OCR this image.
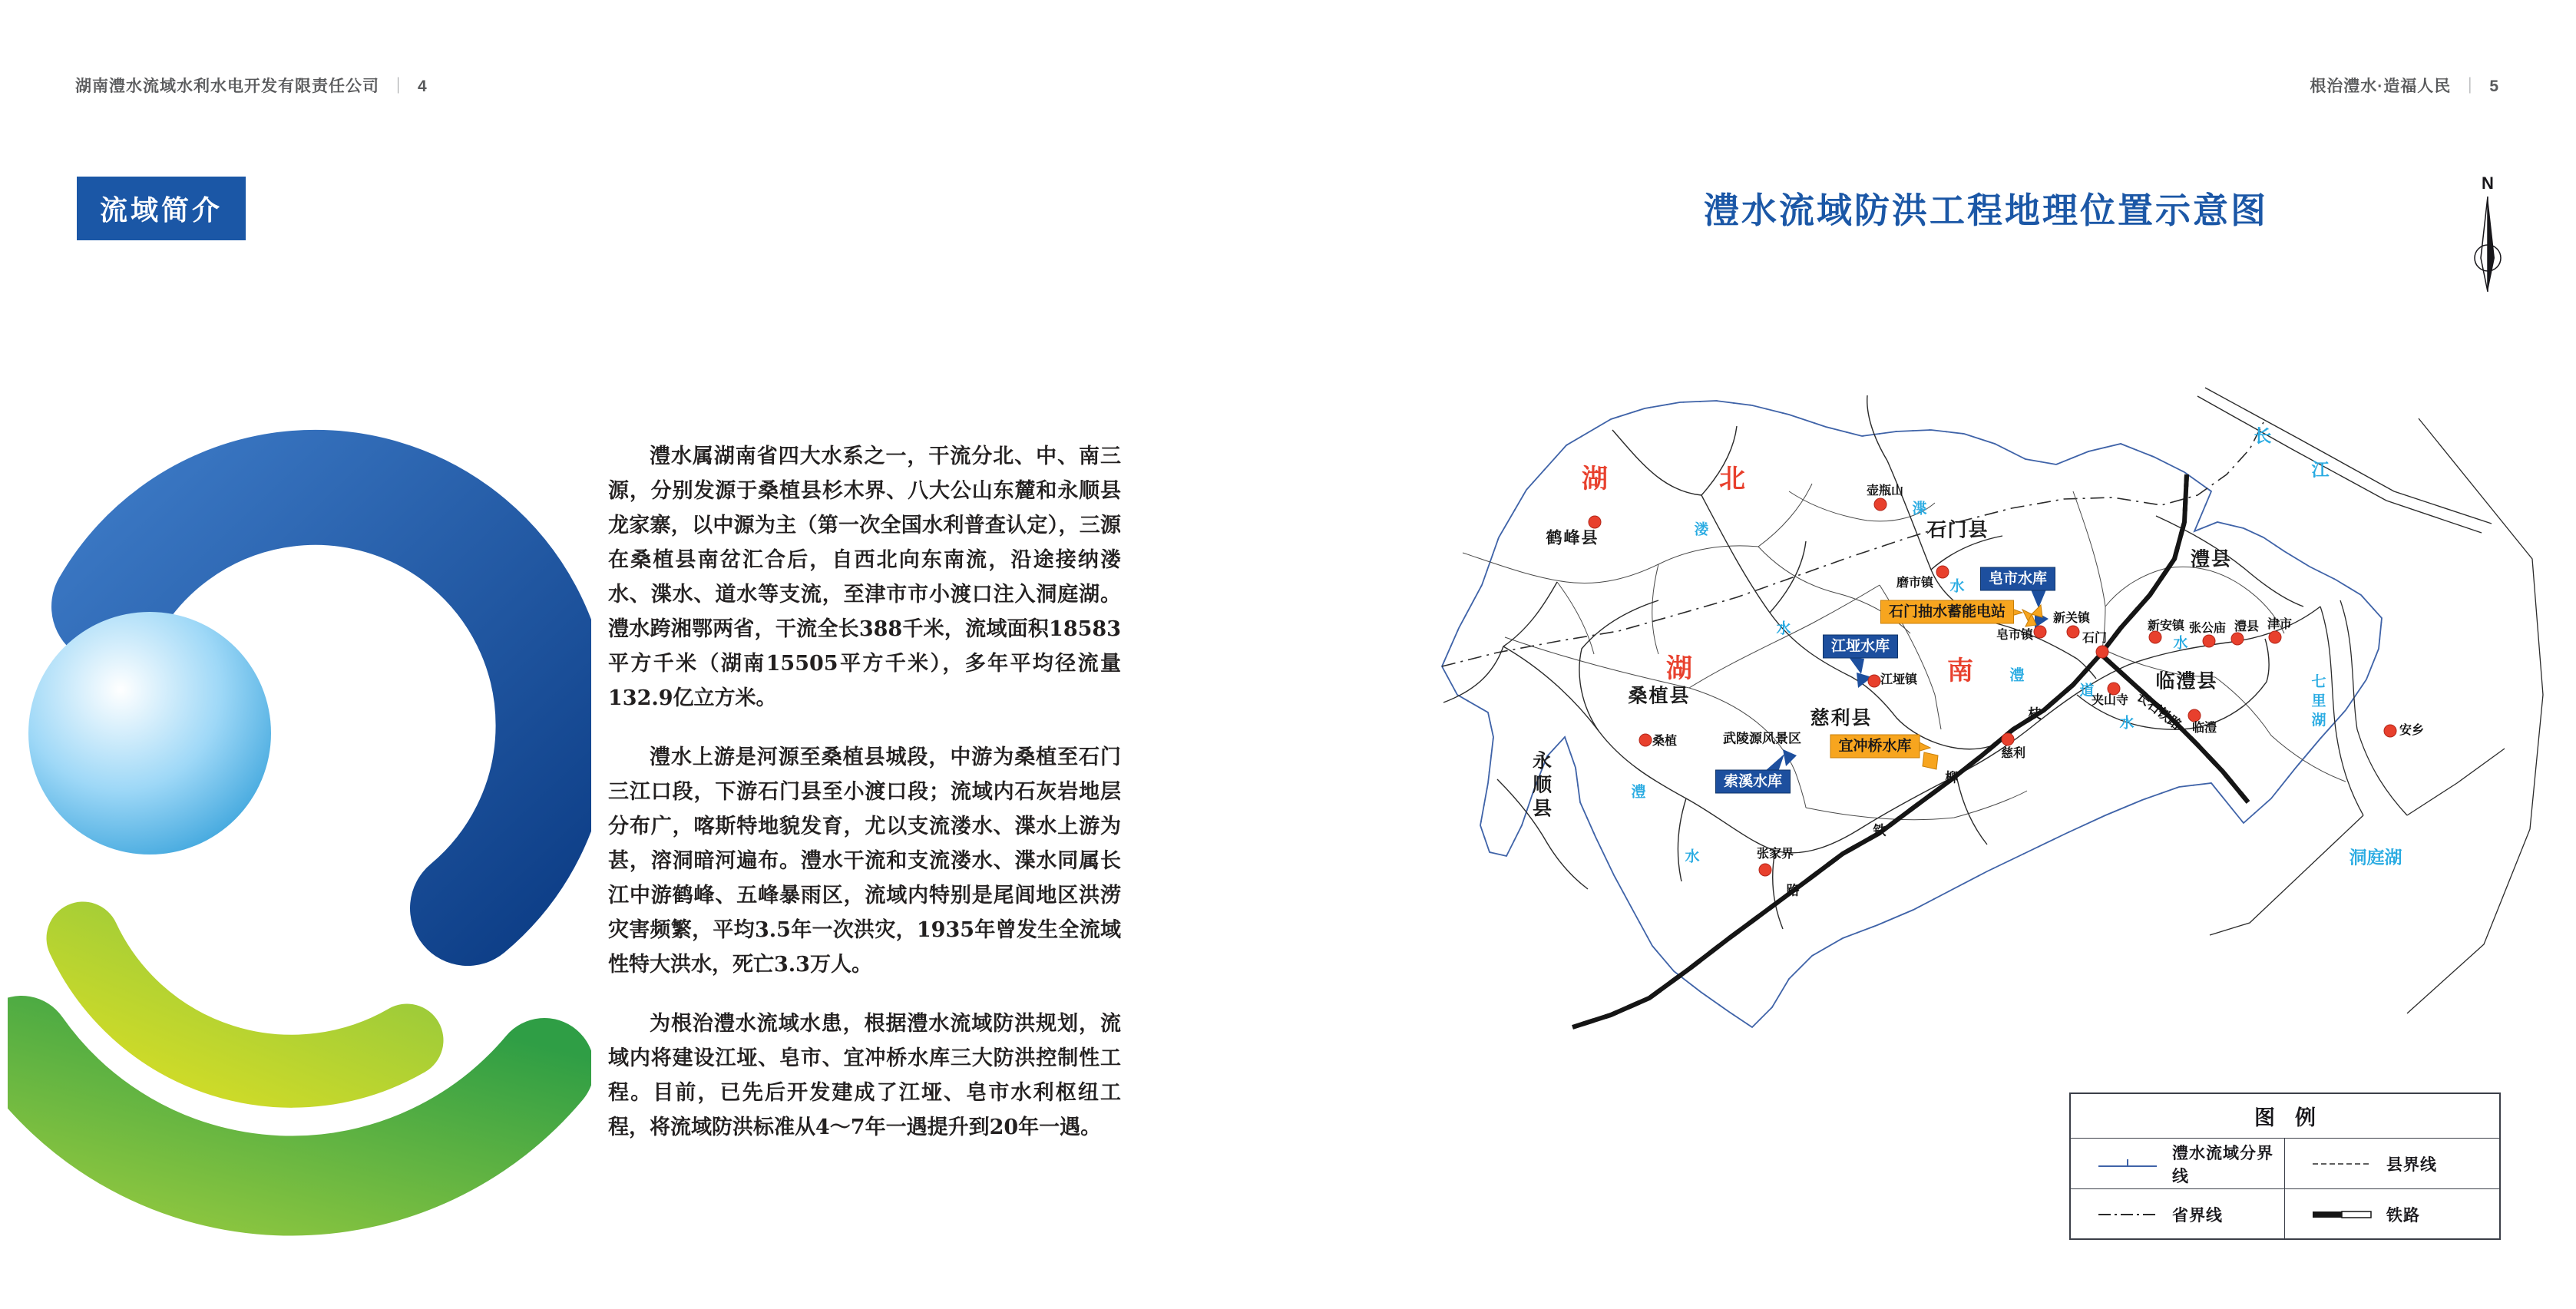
湖南澧水流域水利水电开发有限责任公司 ｜ 4
流域简介

澧水属湖南省四大水系之一，干流分北、中、南三源，分别发源于桑植县杉木界、八大公山东麓和永顺县龙家寨，以中源为主（第一次全国水利普查认定），三源在桑植县南岔汇合后，自西北向东南流，沿途接纳溇水、渫水、道水等支流，至津市市小渡口注入洞庭湖。澧水跨湘鄂两省，干流全长388千米，流域面积18583平方千米（湖南15505平方千米），多年平均径流量132.9亿立方米。

澧水上游是河源至桑植县城段，中游为桑植至石门三江口段，下游石门县至小渡口段；流域内石灰岩地层分布广，喀斯特地貌发育，尤以支流溇水、渫水上游为甚，溶洞暗河遍布。澧水干流和支流溇水、渫水同属长江中游鹤峰、五峰暴雨区，流域内特别是尾闾地区洪涝灾害频繁，平均3.5年一次洪灾，1935年曾发生全流域性特大洪水，死亡3.3万人。

为根治澧水流域水患，根据澧水流域防洪规划，流域内将建设江垭、皂市、宜冲桥水库三大防洪控制性工程。目前，已先后开发建成了江垭、皂市水利枢纽工程，将流域防洪标准从4～7年一遇提升到20年一遇。

根治澧水·造福人民 ｜ 5
澧水流域防洪工程地理位置示意图
N
湖	北
湖	南
鹤峰县	石门县
桑植县
慈利县
澧县
临澧县
永顺县
溇
水
渫
水
澧
水
澧
水
道
水
长
江
七里湖
洞庭湖
长石铁路
枝
柳
铁
路
武陵源风景区
壶瓶山
磨市镇
皂市镇
新关镇
石门
新安镇 张公庙 澧县 津市
夹山寺
临澧	安乡
慈利
桑植
江垭镇
张家界
江垭水库
皂市水库
索溪水库
宜冲桥水库
石门抽水蓄能电站
图例
澧水流域分界线
县界线
省界线	铁路
